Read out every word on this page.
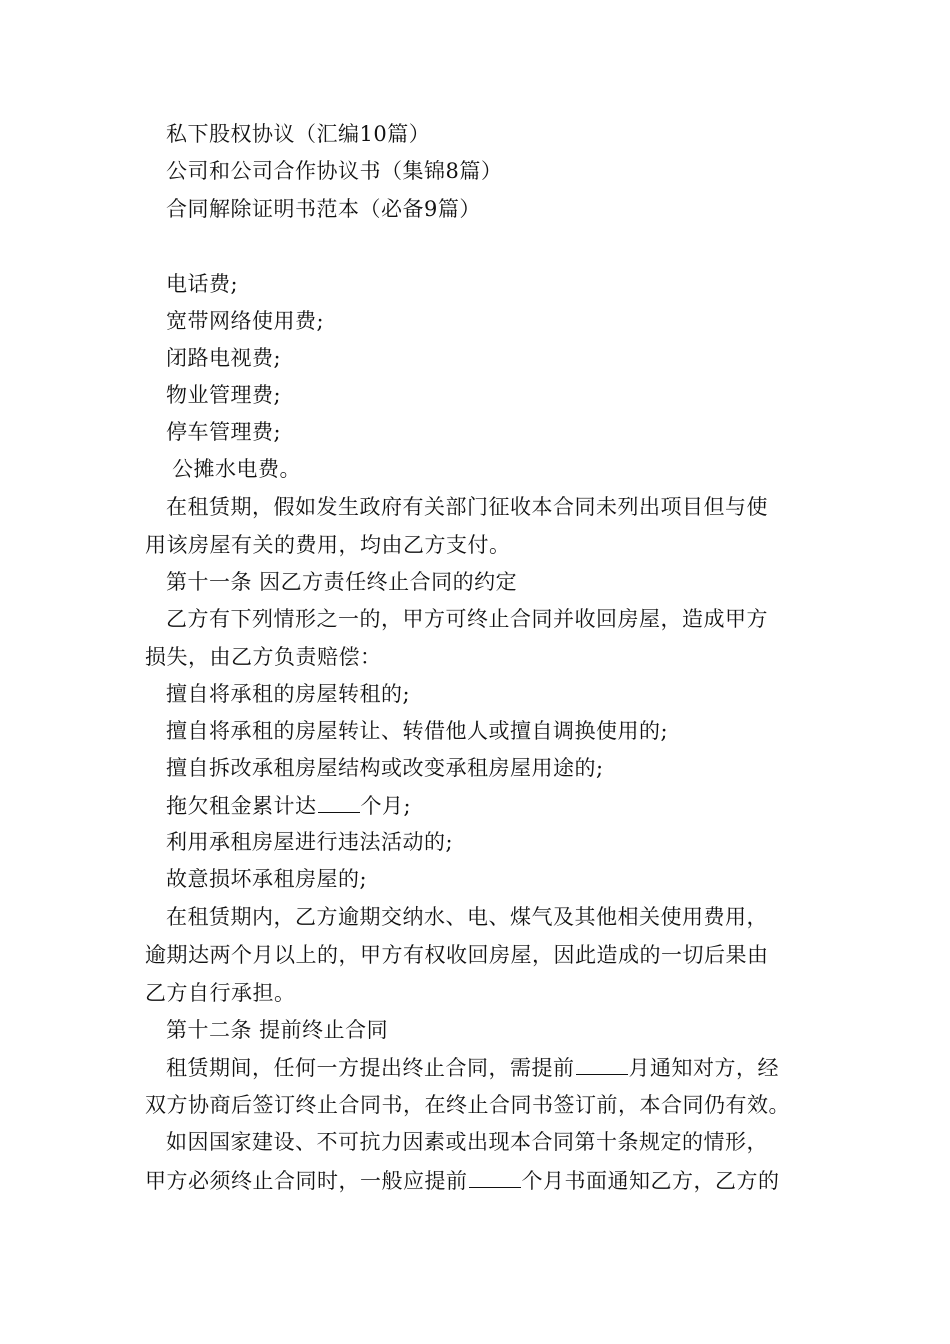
私下股权协议（汇编10篇）
公司和公司合作协议书（集锦8篇）
合同解除证明书范本（必备9篇）
电话费;
宽带网络使用费;
闭路电视费;
物业管理费;
停车管理费;
公摊水电费。
在租赁期，假如发生政府有关部门征收本合同未列出项目但与使
用该房屋有关的费用，均由乙方支付。
第十一条 因乙方责任终止合同的约定
乙方有下列情形之一的，甲方可终止合同并收回房屋，造成甲方
损失，由乙方负责赔偿：
擅自将承租的房屋转租的;
擅自将承租的房屋转让、转借他人或擅自调换使用的;
擅自拆改承租房屋结构或改变承租房屋用途的;
拖欠租金累计达 个月;
利用承租房屋进行违法活动的;
故意损坏承租房屋的;
在租赁期内，乙方逾期交纳水、电、煤气及其他相关使用费用，
逾期达两个月以上的，甲方有权收回房屋，因此造成的一切后果由
乙方自行承担。
第十二条 提前终止合同
租赁期间，任何一方提出终止合同，需提前	月通知对方，经
双方协商后签订终止合同书，在终止合同书签订前，本合同仍有效。
如因国家建设、不可抗力因素或出现本合同第十条规定的情形，
甲方必须终止合同时，一般应提前	个月书面通知乙方，乙方的
